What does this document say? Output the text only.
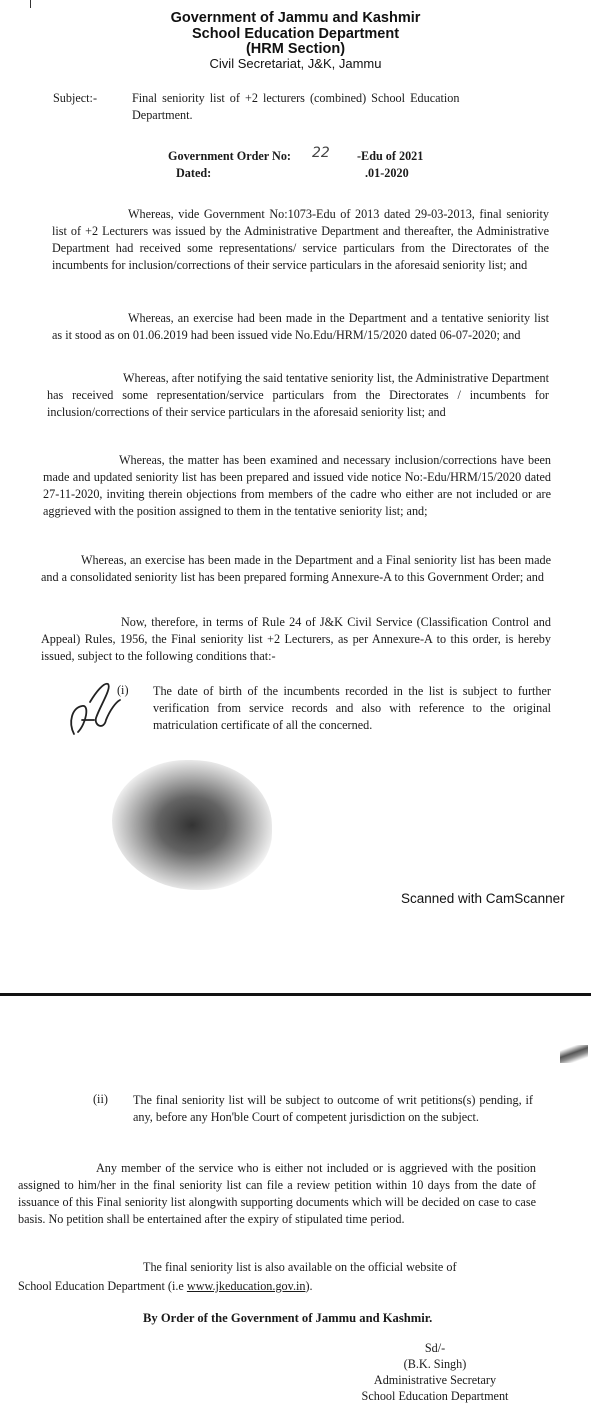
Government of Jammu and Kashmir
School Education Department
(HRM Section)
Civil Secretariat, J&K, Jammu
Subject:-	Final seniority list of +2 lecturers (combined) School Education
Department.
Government Order No: 22 -Edu of 2021
Dated:	.01-2020

Whereas, vide Government No:1073-Edu of 2013 dated 29-03-2013, final seniority list of +2 Lecturers was issued by the Administrative Department and thereafter, the Administrative Department had received some representations/ service particulars from the Directorates of the incumbents for inclusion/corrections of their service particulars in the aforesaid seniority list; and

Whereas, an exercise had been made in the Department and a tentative seniority list as it stood as on 01.06.2019 had been issued vide No.Edu/HRM/15/2020 dated 06-07-2020; and

Whereas, after notifying the said tentative seniority list, the Administrative Department has received some representation/service particulars from the Directorates / incumbents for inclusion/corrections of their service particulars in the aforesaid seniority list; and

Whereas, the matter has been examined and necessary inclusion/corrections have been made and updated seniority list has been prepared and issued vide notice No:-Edu/HRM/15/2020 dated 27-11-2020, inviting therein objections from members of the cadre who either are not included or are aggrieved with the position assigned to them in the tentative seniority list; and;

Whereas, an exercise has been made in the Department and a Final seniority list has been made and a consolidated seniority list has been prepared forming Annexure-A to this Government Order; and

Now, therefore, in terms of Rule 24 of J&K Civil Service (Classification Control and Appeal) Rules, 1956, the Final seniority list +2 Lecturers, as per Annexure-A to this order, is hereby issued, subject to the following conditions that:-

(i) The date of birth of the incumbents recorded in the list is subject to further verification from service records and also with reference to the original matriculation certificate of all the concerned.

Scanned with CamScanner
(ii) The final seniority list will be subject to outcome of writ petitions(s) pending, if any, before any Hon'ble Court of competent jurisdiction on the subject.

Any member of the service who is either not included or is aggrieved with the position assigned to him/her in the final seniority list can file a review petition within 10 days from the date of issuance of this Final seniority list alongwith supporting documents which will be decided on case to case basis. No petition shall be entertained after the expiry of stipulated time period.

The final seniority list is also available on the official website of
School Education Department (i.e www.jkeducation.gov.in).
By Order of the Government of Jammu and Kashmir.
Sd/-
(B.K. Singh)
Administrative Secretary
School Education Department
